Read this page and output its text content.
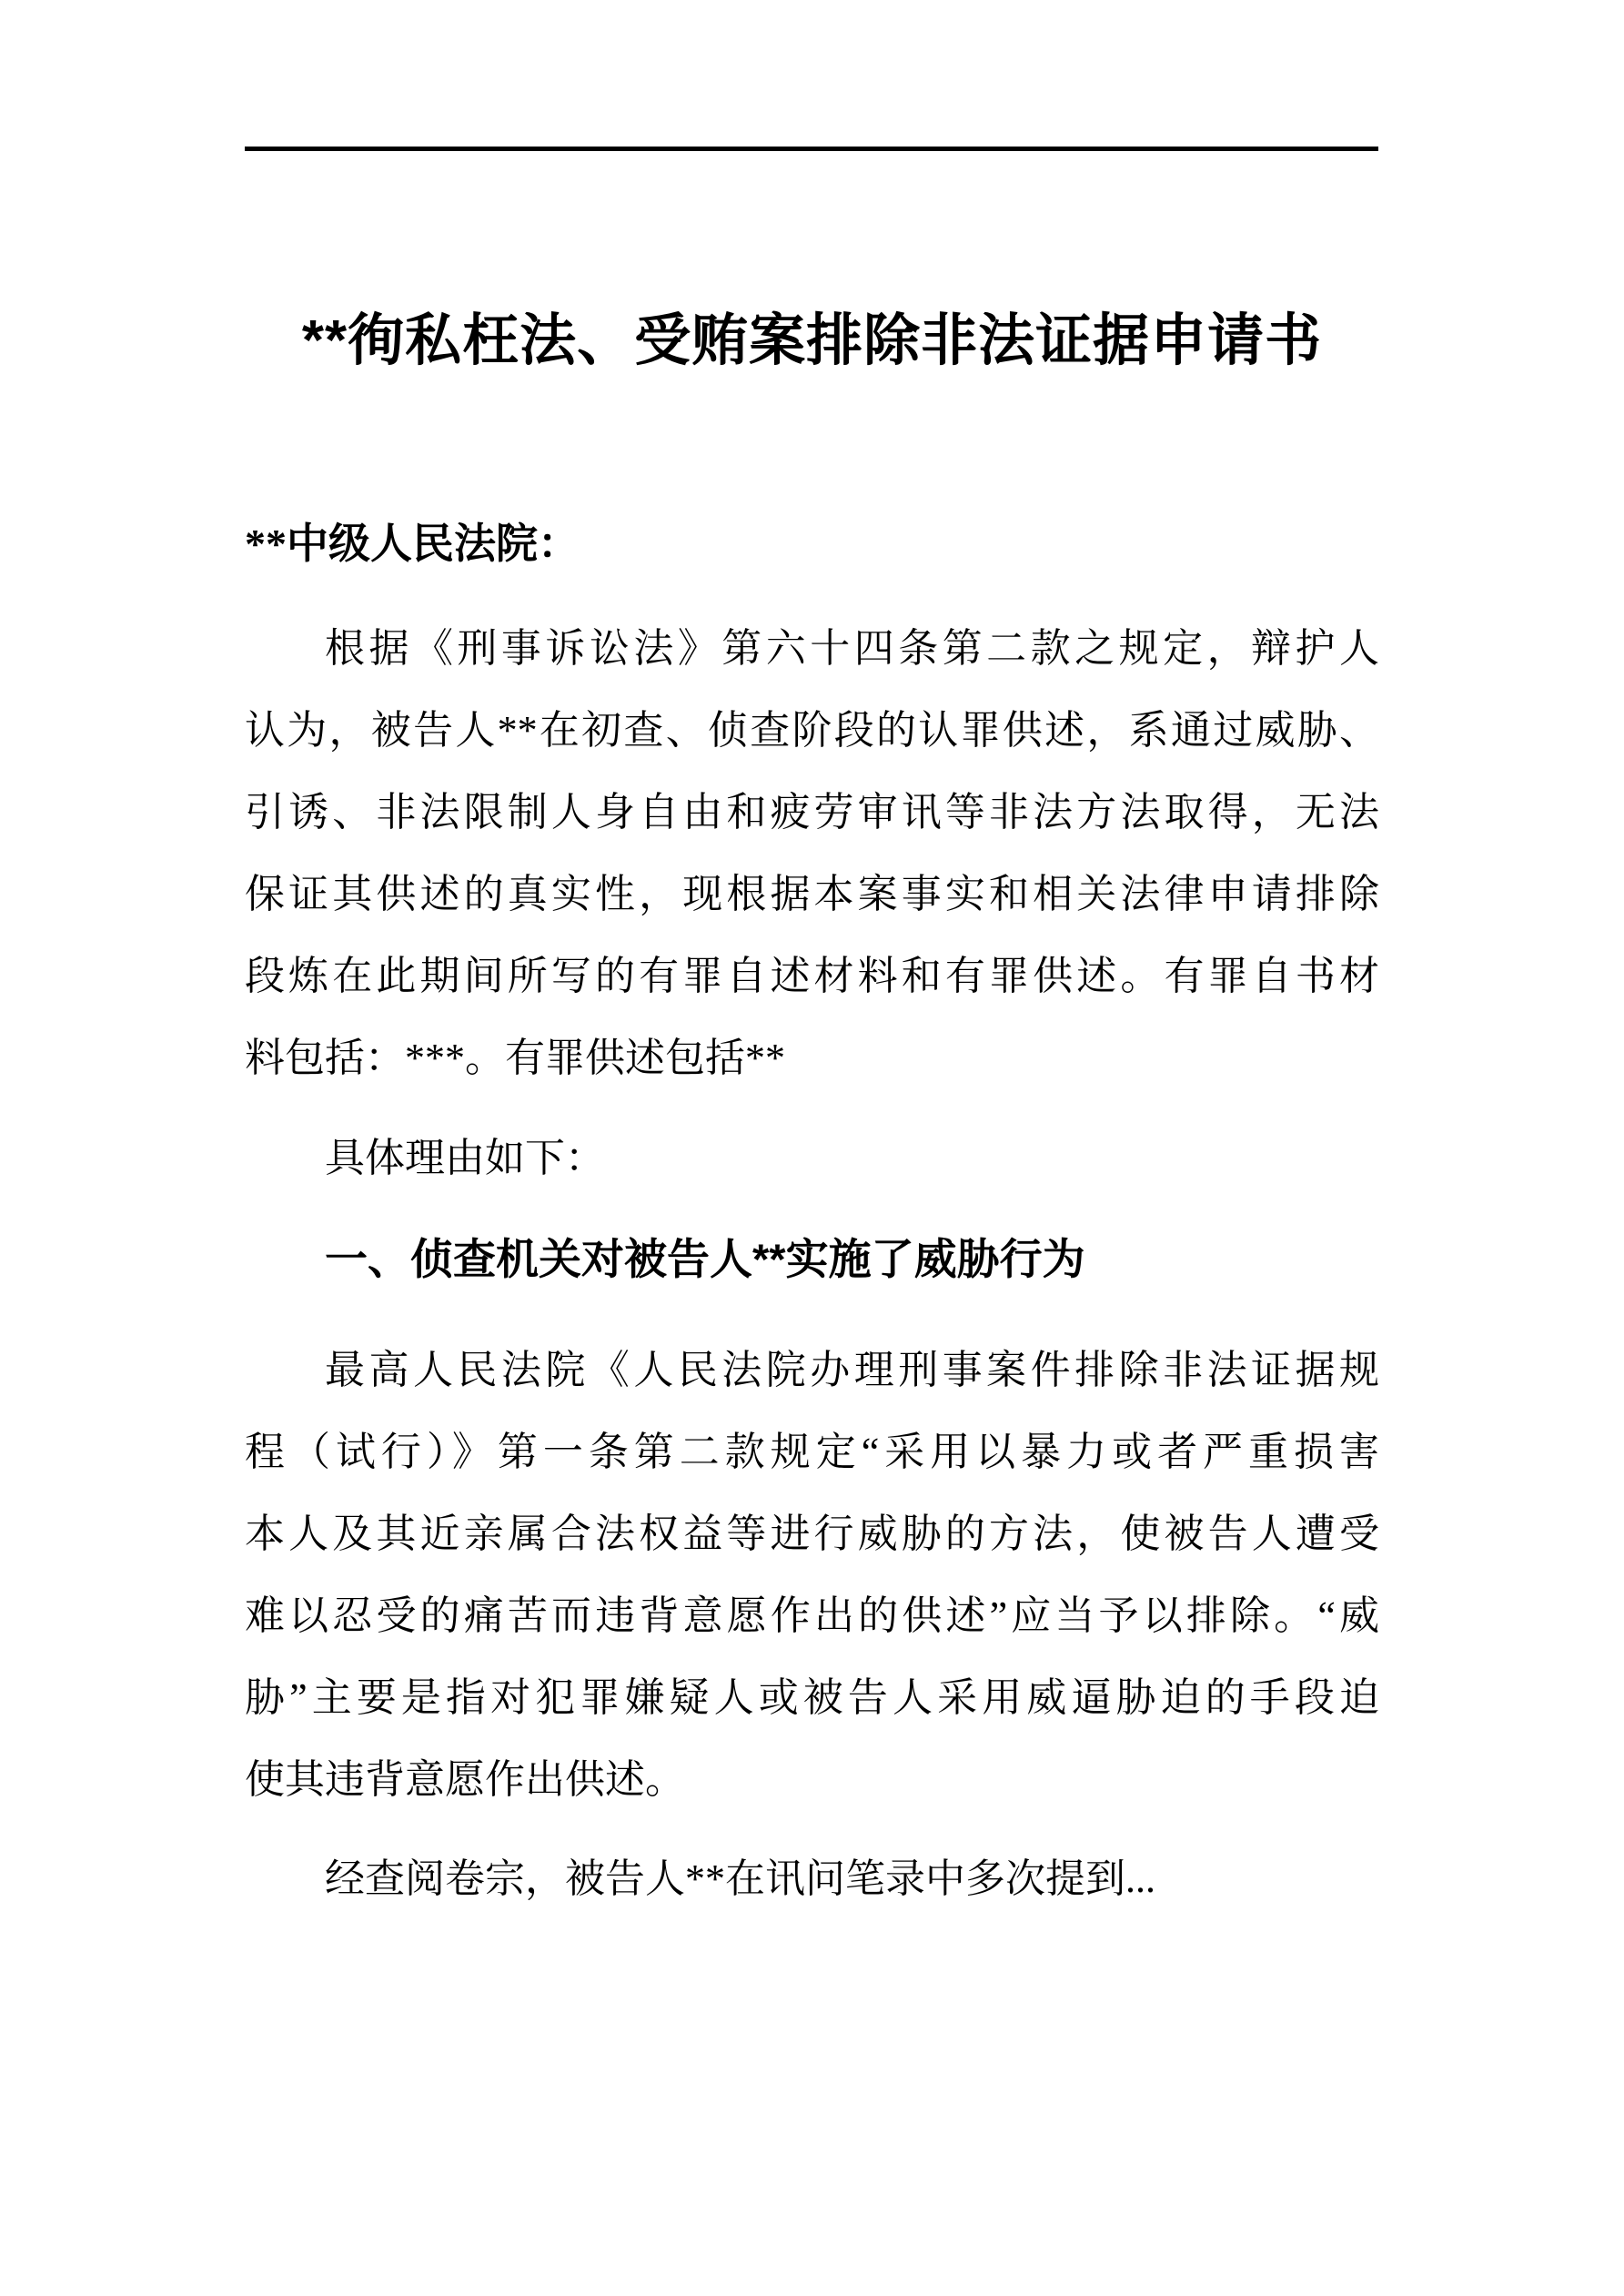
**徇私枉法、受贿案排除非法证据申请书
**中级人民法院：
根据《刑事诉讼法》第六十四条第二款之规定，辩护人
认为，被告人**在初查、侦查阶段的认罪供述，系通过威胁、
引诱、非法限制人身自由和疲劳审讯等非法方法取得，无法
保证其供述的真实性，现根据本案事实和相关法律申请排除
段炼在此期间所写的有罪自述材料和有罪供述。有罪自书材
料包括：***。有罪供述包括**
具体理由如下：
一、侦查机关对被告人**实施了威胁行为
最高人民法院《人民法院办理刑事案件排除非法证据规
程（试行）》第一条第二款规定“采用以暴力或者严重损害
本人及其近亲属合法权益等进行威胁的方法，使被告人遭受
难以忍受的痛苦而违背意愿作出的供述”应当予以排除。“威
胁”主要是指对犯罪嫌疑人或被告人采用威逼胁迫的手段迫
使其违背意愿作出供述。
经查阅卷宗，被告人**在讯问笔录中多次提到...
